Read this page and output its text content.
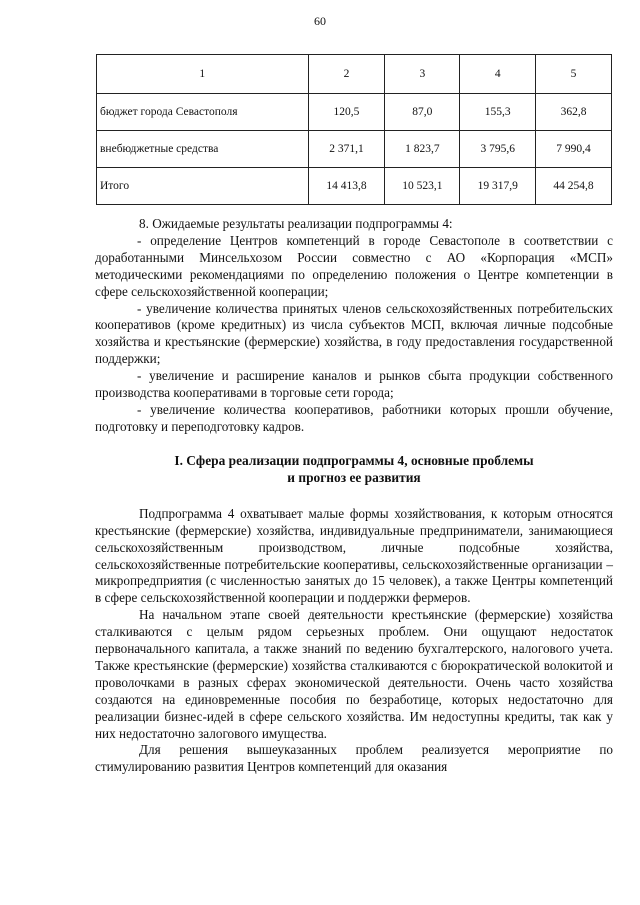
60
1	2	3	4	5
бюджет города Севастополя	120,5	87,0	155,3	362,8
внебюджетные средства	2 371,1	1 823,7	3 795,6	7 990,4
Итого	14 413,8	10 523,1	19 317,9	44 254,8

8. Ожидаемые результаты реализации подпрограммы 4:

- определение Центров компетенций в городе Севастополе в соответствии с доработанными Минсельхозом России совместно с АО «Корпорация «МСП» методическими рекомендациями по определению положения о Центре компетенции в сфере сельскохозяйственной кооперации;

- увеличение количества принятых членов сельскохозяйственных потребительских кооперативов (кроме кредитных) из числа субъектов МСП, включая личные подсобные хозяйства и крестьянские (фермерские) хозяйства, в году предоставления государственной поддержки;

- увеличение и расширение каналов и рынков сбыта продукции собственного производства кооперативами в торговые сети города;

- увеличение количества кооперативов, работники которых прошли обучение, подготовку и переподготовку кадров.

I. Сфера реализации подпрограммы 4, основные проблемы
и прогноз ее развития

Подпрограмма 4 охватывает малые формы хозяйствования, к которым относятся крестьянские (фермерские) хозяйства, индивидуальные предприниматели, занимающиеся сельскохозяйственным производством, личные подсобные хозяйства, сельскохозяйственные потребительские кооперативы, сельскохозяйственные организации – микропредприятия (с численностью занятых до 15 человек), а также Центры компетенций в сфере сельскохозяйственной кооперации и поддержки фермеров.

На начальном этапе своей деятельности крестьянские (фермерские) хозяйства сталкиваются с целым рядом серьезных проблем. Они ощущают недостаток первоначального капитала, а также знаний по ведению бухгалтерского, налогового учета. Также крестьянские (фермерские) хозяйства сталкиваются с бюрократической волокитой и проволочками в разных сферах экономической деятельности. Очень часто хозяйства создаются на единовременные пособия по безработице, которых недостаточно для реализации бизнес-идей в сфере сельского хозяйства. Им недоступны кредиты, так как у них недостаточно залогового имущества.

Для решения вышеуказанных проблем реализуется мероприятие по стимулированию развития Центров компетенций для оказания
